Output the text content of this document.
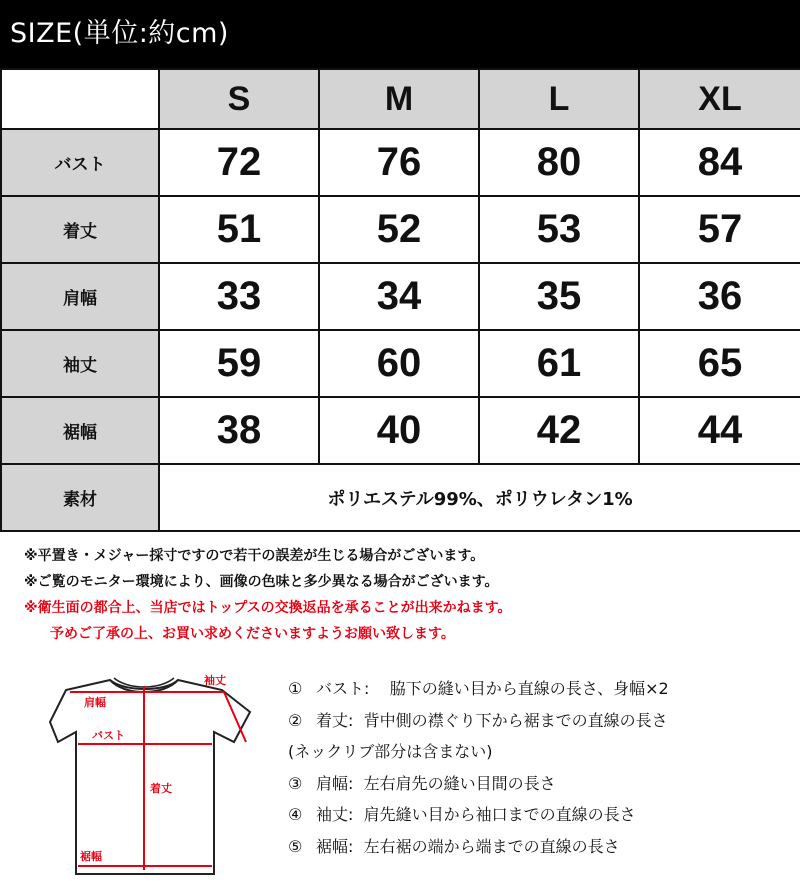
SIZE(単位:約cm)
	S	M	L	XL
バスト	72	76	80	84
着丈	51	52	53	57
肩幅	33	34	35	36
袖丈	59	60	61	65
裾幅	38	40	42	44
素材	ポリエステル99%、ポリウレタン1%			
※平置き・メジャー採寸ですので若干の誤差が生じる場合がございます。
※ご覧のモニター環境により、画像の色味と多少異なる場合がございます。
※衛生面の都合上、当店ではトップスの交換返品を承ることが出来かねます。
予めご了承の上、お買い求めくださいますようお願い致します。
肩幅
袖丈
バスト
着丈
裾幅
① バスト:
脇下の縫い目から直線の長さ、身幅×2
② 着丈:
背中側の襟ぐり下から裾までの直線の長さ
(ネックリブ部分は含まない)
③ 肩幅:
左右肩先の縫い目間の長さ
④ 袖丈:
肩先縫い目から袖口までの直線の長さ
⑤ 裾幅:
左右裾の端から端までの直線の長さ
